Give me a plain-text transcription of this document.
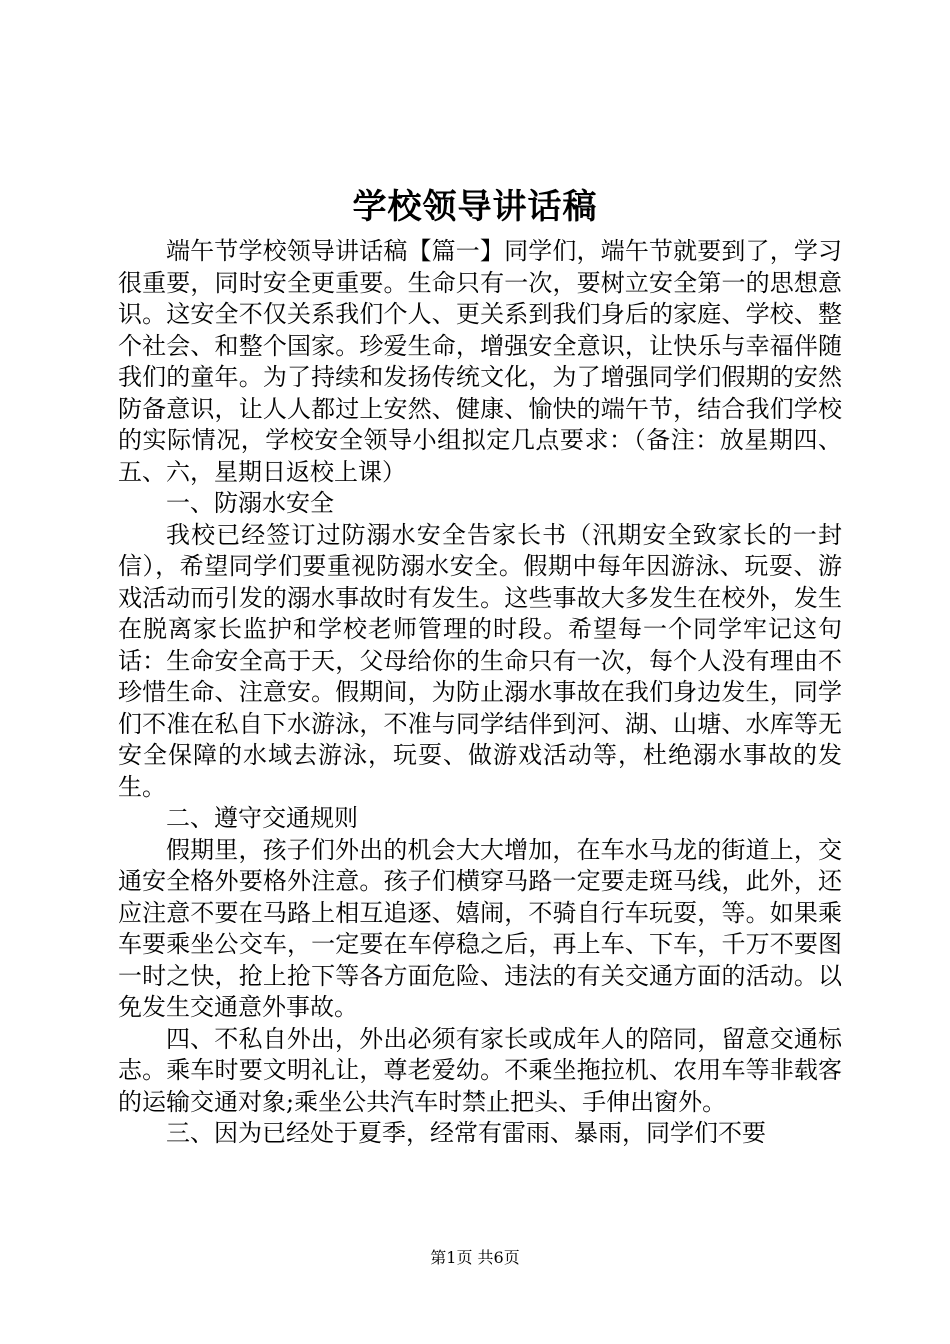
学校领导讲话稿

端午节学校领导讲话稿【篇一】同学们，端午节就要到了，学习很重要，同时安全更重要。生命只有一次，要树立安全第一的思想意识。这安全不仅关系我们个人、更关系到我们身后的家庭、学校、整个社会、和整个国家。珍爱生命，增强安全意识，让快乐与幸福伴随我们的童年。为了持续和发扬传统文化，为了增强同学们假期的安然防备意识，让人人都过上安然、健康、愉快的端午节，结合我们学校的实际情况，学校安全领导小组拟定几点要求：（备注：放星期四、五、六，星期日返校上课）

一、防溺水安全

我校已经签订过防溺水安全告家长书（汛期安全致家长的一封信），希望同学们要重视防溺水安全。假期中每年因游泳、玩耍、游戏活动而引发的溺水事故时有发生。这些事故大多发生在校外，发生在脱离家长监护和学校老师管理的时段。希望每一个同学牢记这句话：生命安全高于天，父母给你的生命只有一次，每个人没有理由不珍惜生命、注意安。假期间，为防止溺水事故在我们身边发生，同学们不准在私自下水游泳，不准与同学结伴到河、湖、山塘、水库等无安全保障的水域去游泳，玩耍、做游戏活动等，杜绝溺水事故的发生。

二、遵守交通规则

假期里，孩子们外出的机会大大增加，在车水马龙的街道上，交通安全格外要格外注意。孩子们横穿马路一定要走斑马线，此外，还应注意不要在马路上相互追逐、嬉闹，不骑自行车玩耍，等。如果乘车要乘坐公交车，一定要在车停稳之后，再上车、下车，千万不要图一时之快，抢上抢下等各方面危险、违法的有关交通方面的活动。以免发生交通意外事故。

四、不私自外出，外出必须有家长或成年人的陪同，留意交通标志。乘车时要文明礼让，尊老爱幼。不乘坐拖拉机、农用车等非载客的运输交通对象;乘坐公共汽车时禁止把头、手伸出窗外。

三、因为已经处于夏季，经常有雷雨、暴雨，同学们不要

第1页 共6页
